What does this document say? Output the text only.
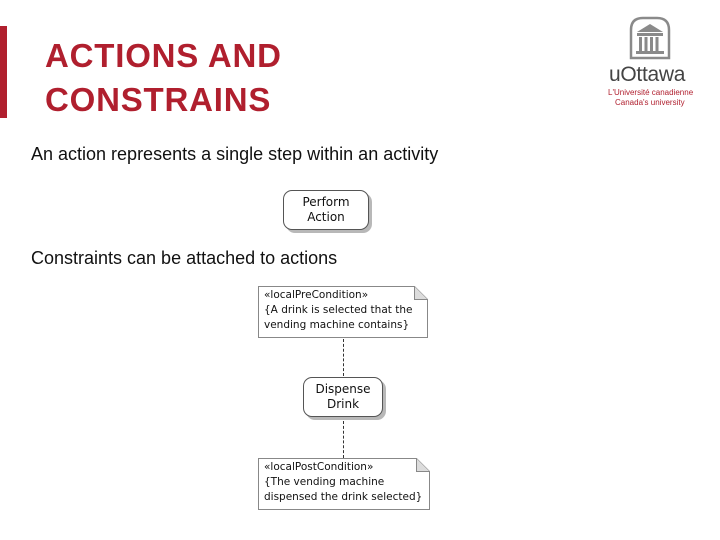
ACTIONS AND
CONSTRAINS
uOttawa
L'Université canadienne
Canada's university
An action represents a single step within an activity
Perform
Action
Constraints can be attached to actions
«localPreCondition»
{A drink is selected that the
vending machine contains}
Dispense
Drink
«localPostCondition»
{The vending machine
dispensed the drink selected}
